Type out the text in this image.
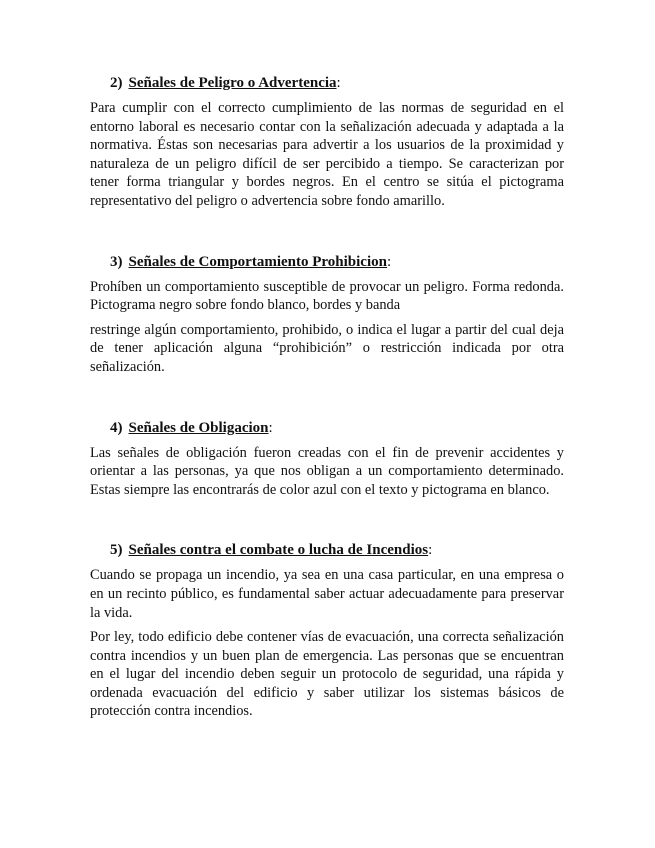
2) Señales de Peligro o Advertencia:

Para cumplir con el correcto cumplimiento de las normas de seguridad en el entorno laboral es necesario contar con la señalización adecuada y adaptada a la normativa. Éstas son necesarias para advertir a los usuarios de la proximidad y naturaleza de un peligro difícil de ser percibido a tiempo. Se caracterizan por tener forma triangular y bordes negros. En el centro se sitúa el pictograma representativo del peligro o advertencia sobre fondo amarillo.

3) Señales de Comportamiento Prohibicion:

Prohíben un comportamiento susceptible de provocar un peligro. Forma redonda. Pictograma negro sobre fondo blanco, bordes y banda

restringe algún comportamiento, prohibido, o indica el lugar a partir del cual deja de tener aplicación alguna “prohibición” o restricción indicada por otra señalización.

4) Señales de Obligacion:

Las señales de obligación fueron creadas con el fin de prevenir accidentes y orientar a las personas, ya que nos obligan a un comportamiento determinado. Estas siempre las encontrarás de color azul con el texto y pictograma en blanco.

5) Señales contra el combate o lucha de Incendios:

Cuando se propaga un incendio, ya sea en una casa particular, en una empresa o en un recinto público, es fundamental saber actuar adecuadamente para preservar la vida.

Por ley, todo edificio debe contener vías de evacuación, una correcta señalización contra incendios y un buen plan de emergencia. Las personas que se encuentran en el lugar del incendio deben seguir un protocolo de seguridad, una rápida y ordenada evacuación del edificio y saber utilizar los sistemas básicos de protección contra incendios.
